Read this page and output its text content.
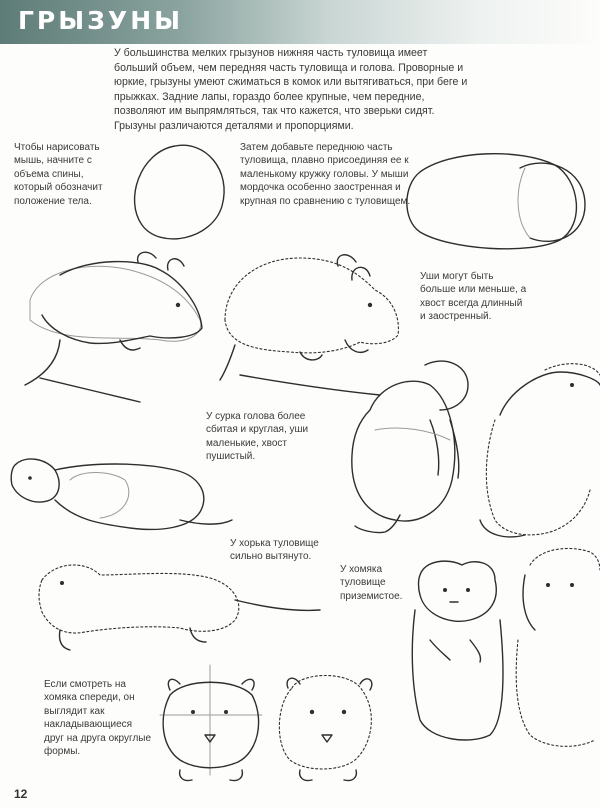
ГРЫЗУНЫ
У большинства мелких грызунов нижняя часть туловища имеет больший объем, чем передняя часть туловища и голова. Проворные и юркие, грызуны умеют сжиматься в комок или вытягиваться, при беге и прыжках. Задние лапы, гораздо более крупные, чем передние, позволяют им выпрямляться, так что кажется, что зверьки сидят. Грызуны различаются деталями и пропорциями.
Чтобы нарисовать мышь, начните с объема спины, который обозначит положение тела.
Затем добавьте переднюю часть туловища, плавно присоединяя ее к маленькому кружку головы. У мыши мордочка особенно заостренная и крупная по сравнению с туловищем.
Уши могут быть больше или меньше, а хвост всегда длинный и заостренный.
У сурка голова более сбитая и круглая, уши маленькие, хвост пушистый.
У хорька туловище сильно вытянуто.
У хомяка туловище приземистое.
Если смотреть на хомяка спереди, он выглядит как накладывающиеся друг на друга округлые формы.
12
